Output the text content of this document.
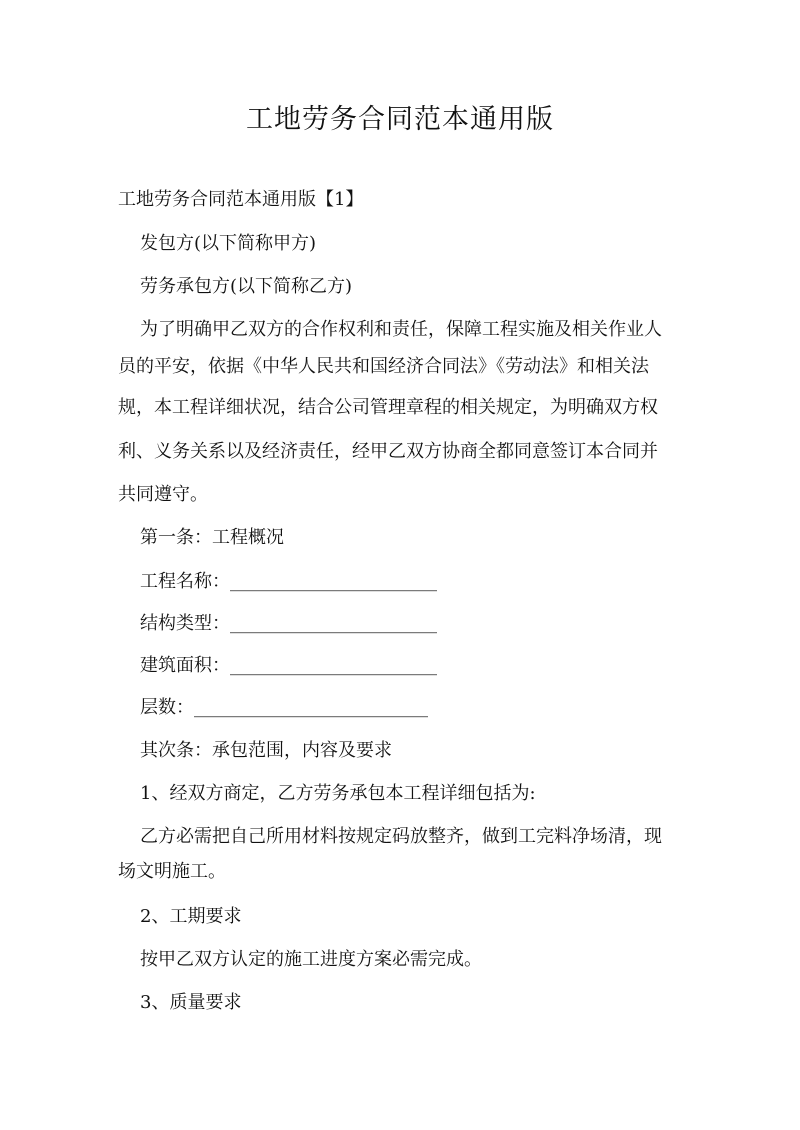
工地劳务合同范本通用版
工地劳务合同范本通用版【1】
发包方(以下简称甲方)
劳务承包方(以下简称乙方)
为了明确甲乙双方的合作权利和责任，保障工程实施及相关作业人
员的平安，依据《中华人民共和国经济合同法》《劳动法》和相关法
规，本工程详细状况，结合公司管理章程的相关规定，为明确双方权
利、义务关系以及经济责任，经甲乙双方协商全都同意签订本合同并
共同遵守。
第一条：工程概况
工程名称：_______________________
结构类型：_______________________
建筑面积：_______________________
层数：__________________________
其次条：承包范围，内容及要求
1、经双方商定，乙方劳务承包本工程详细包括为:
乙方必需把自己所用材料按规定码放整齐，做到工完料净场清，现
场文明施工。
2、工期要求
按甲乙双方认定的施工进度方案必需完成。
3、质量要求
